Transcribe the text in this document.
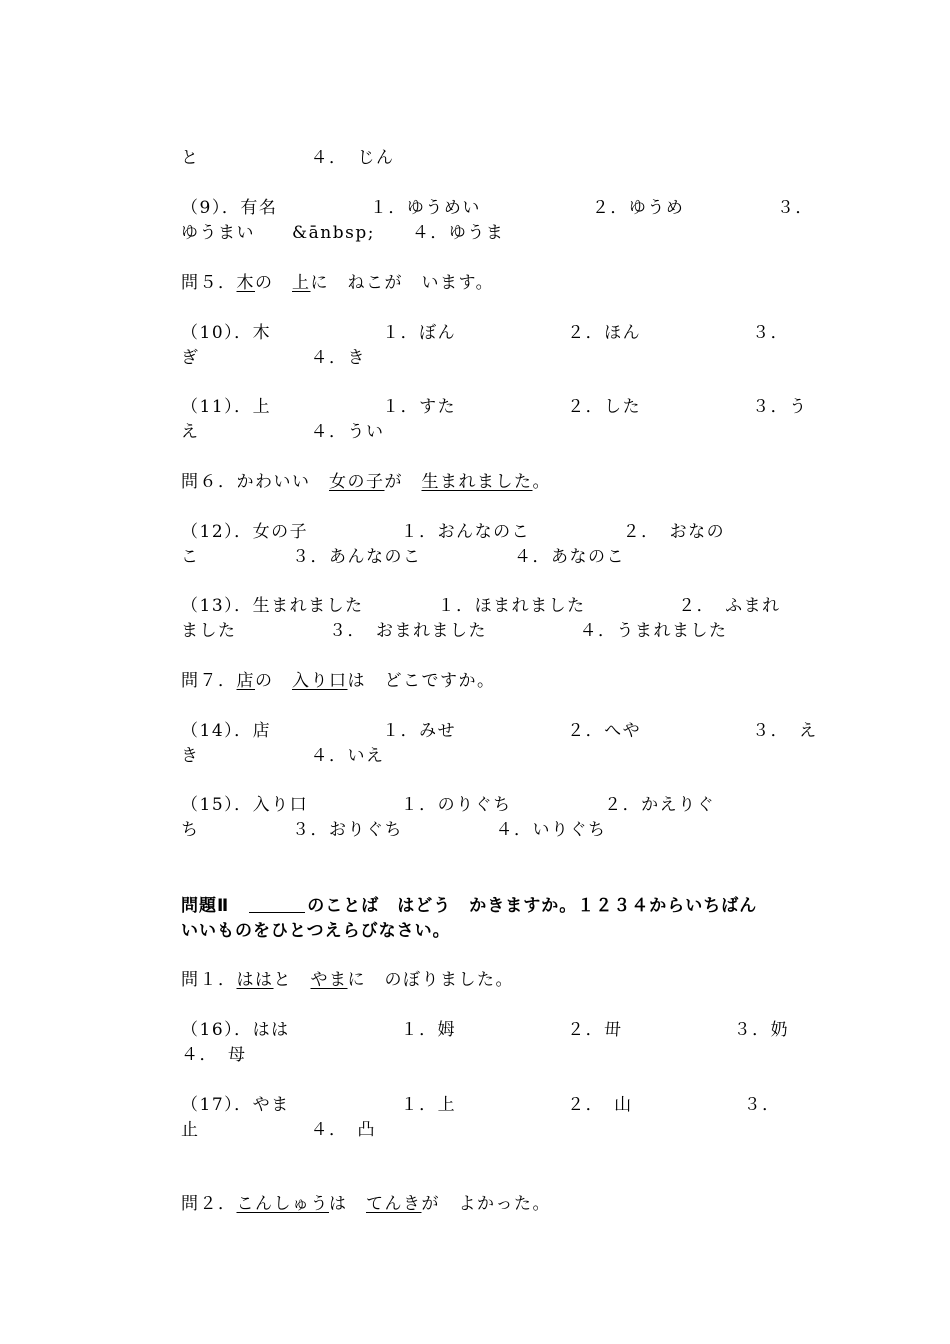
と　　　　　　４．　じん
（9）．有名　　　　　１．ゆうめい　　　　　　２．ゆうめ　　　　　３．
ゆうまい　　&ānbsp;　　４．ゆうま
問５．木の　上に　ねこが　います。
（10）．木　　　　　　１．ぼん　　　　　　２．ほん　　　　　　３．
ぎ　　　　　　４．き
（11）．上　　　　　　１．すた　　　　　　２．した　　　　　　３．う
え　　　　　　４．うい
問６．かわいい　女の子が　生まれました。
（12）．女の子　　　　　１．おんなのこ　　　　　２．　おなの
こ　　　　　３．あんなのこ　　　　　４．あなのこ
（13）．生まれました　　　　１．ほまれました　　　　　２．　ふまれ
ました　　　　　３．　おまれました　　　　　４．うまれました
問７．店の　入り口は　どこですか。
（14）．店　　　　　　１．みせ　　　　　　２．へや　　　　　　３．　え
き　　　　　　４．いえ
（15）．入り口　　　　　１．のりぐち　　　　　２．かえりぐ
ち　　　　　３．おりぐち　　　　　４．いりぐち
問題Ⅱ　	のことば　はどう　かきますか。１２３４からいちばん
いいものをひとつえらびなさい。
問１．ははと　やまに　のぼりました。
（16）．はは　　　　　　１．姆　　　　　　２．毌　　　　　　３．奶
４．　母
（17）．やま　　　　　　１．上　　　　　　２．　山　　　　　　３．
止　　　　　　４．　凸
問２．こんしゅうは　てんきが　よかった。
